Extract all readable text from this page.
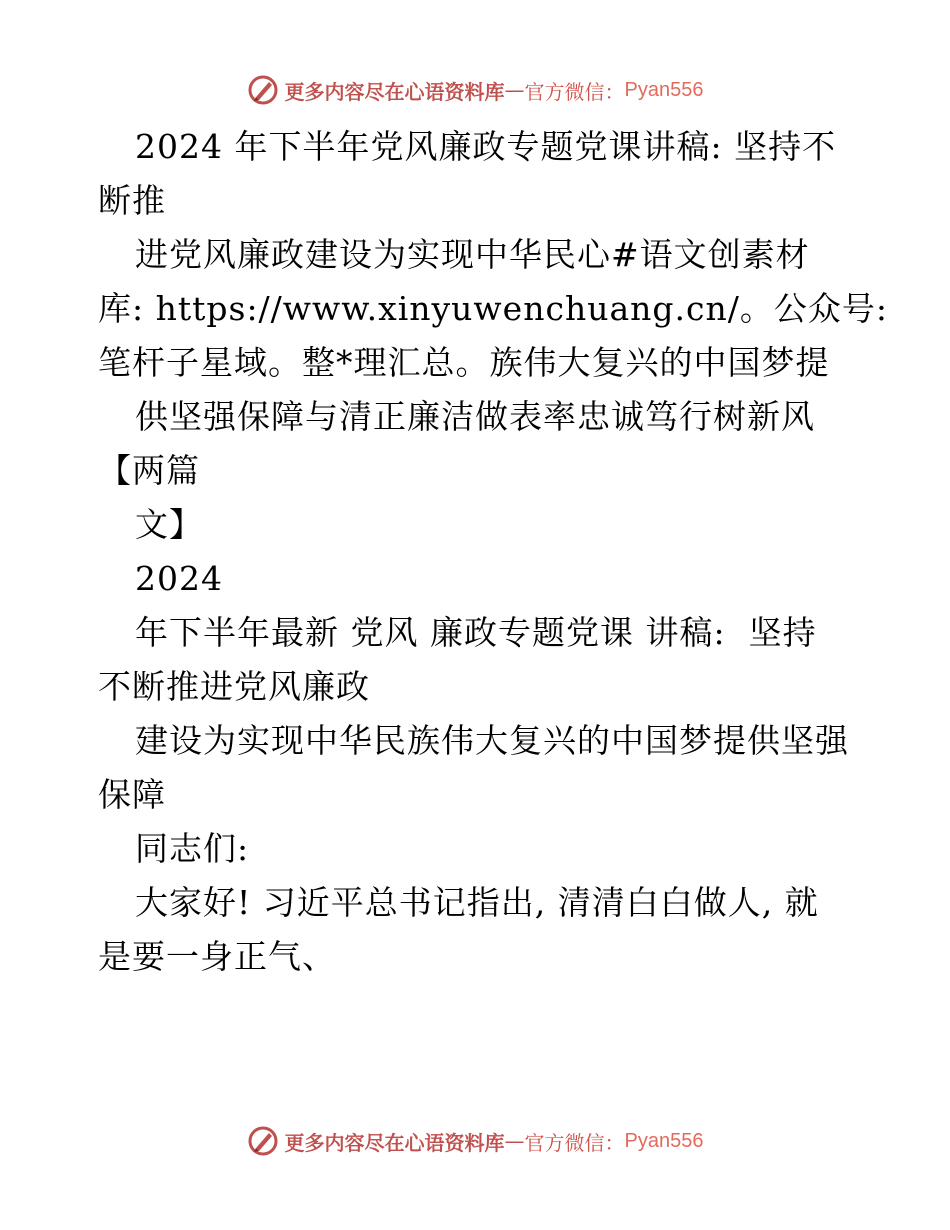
更多内容尽在心语资料库 — 官方微信： Pyan556
2024 年下半年党风廉政专题党课讲稿: 坚持不
断推
进党风廉政建设为实现中华民心#语文创素材
库: https://www.xinyuwenchuang.cn/。公众号:
笔杆子星域。整*理汇总。族伟大复兴的中国梦提
供坚强保障与清正廉洁做表率忠诚笃行树新风
【两篇
文】
2024
年下半年最新 党风 廉政专题党课 讲稿:  坚持
不断推进党风廉政
建设为实现中华民族伟大复兴的中国梦提供坚强
保障
同志们:
大家好! 习近平总书记指出, 清清白白做人, 就
是要一身正气、
更多内容尽在心语资料库 — 官方微信： Pyan556
